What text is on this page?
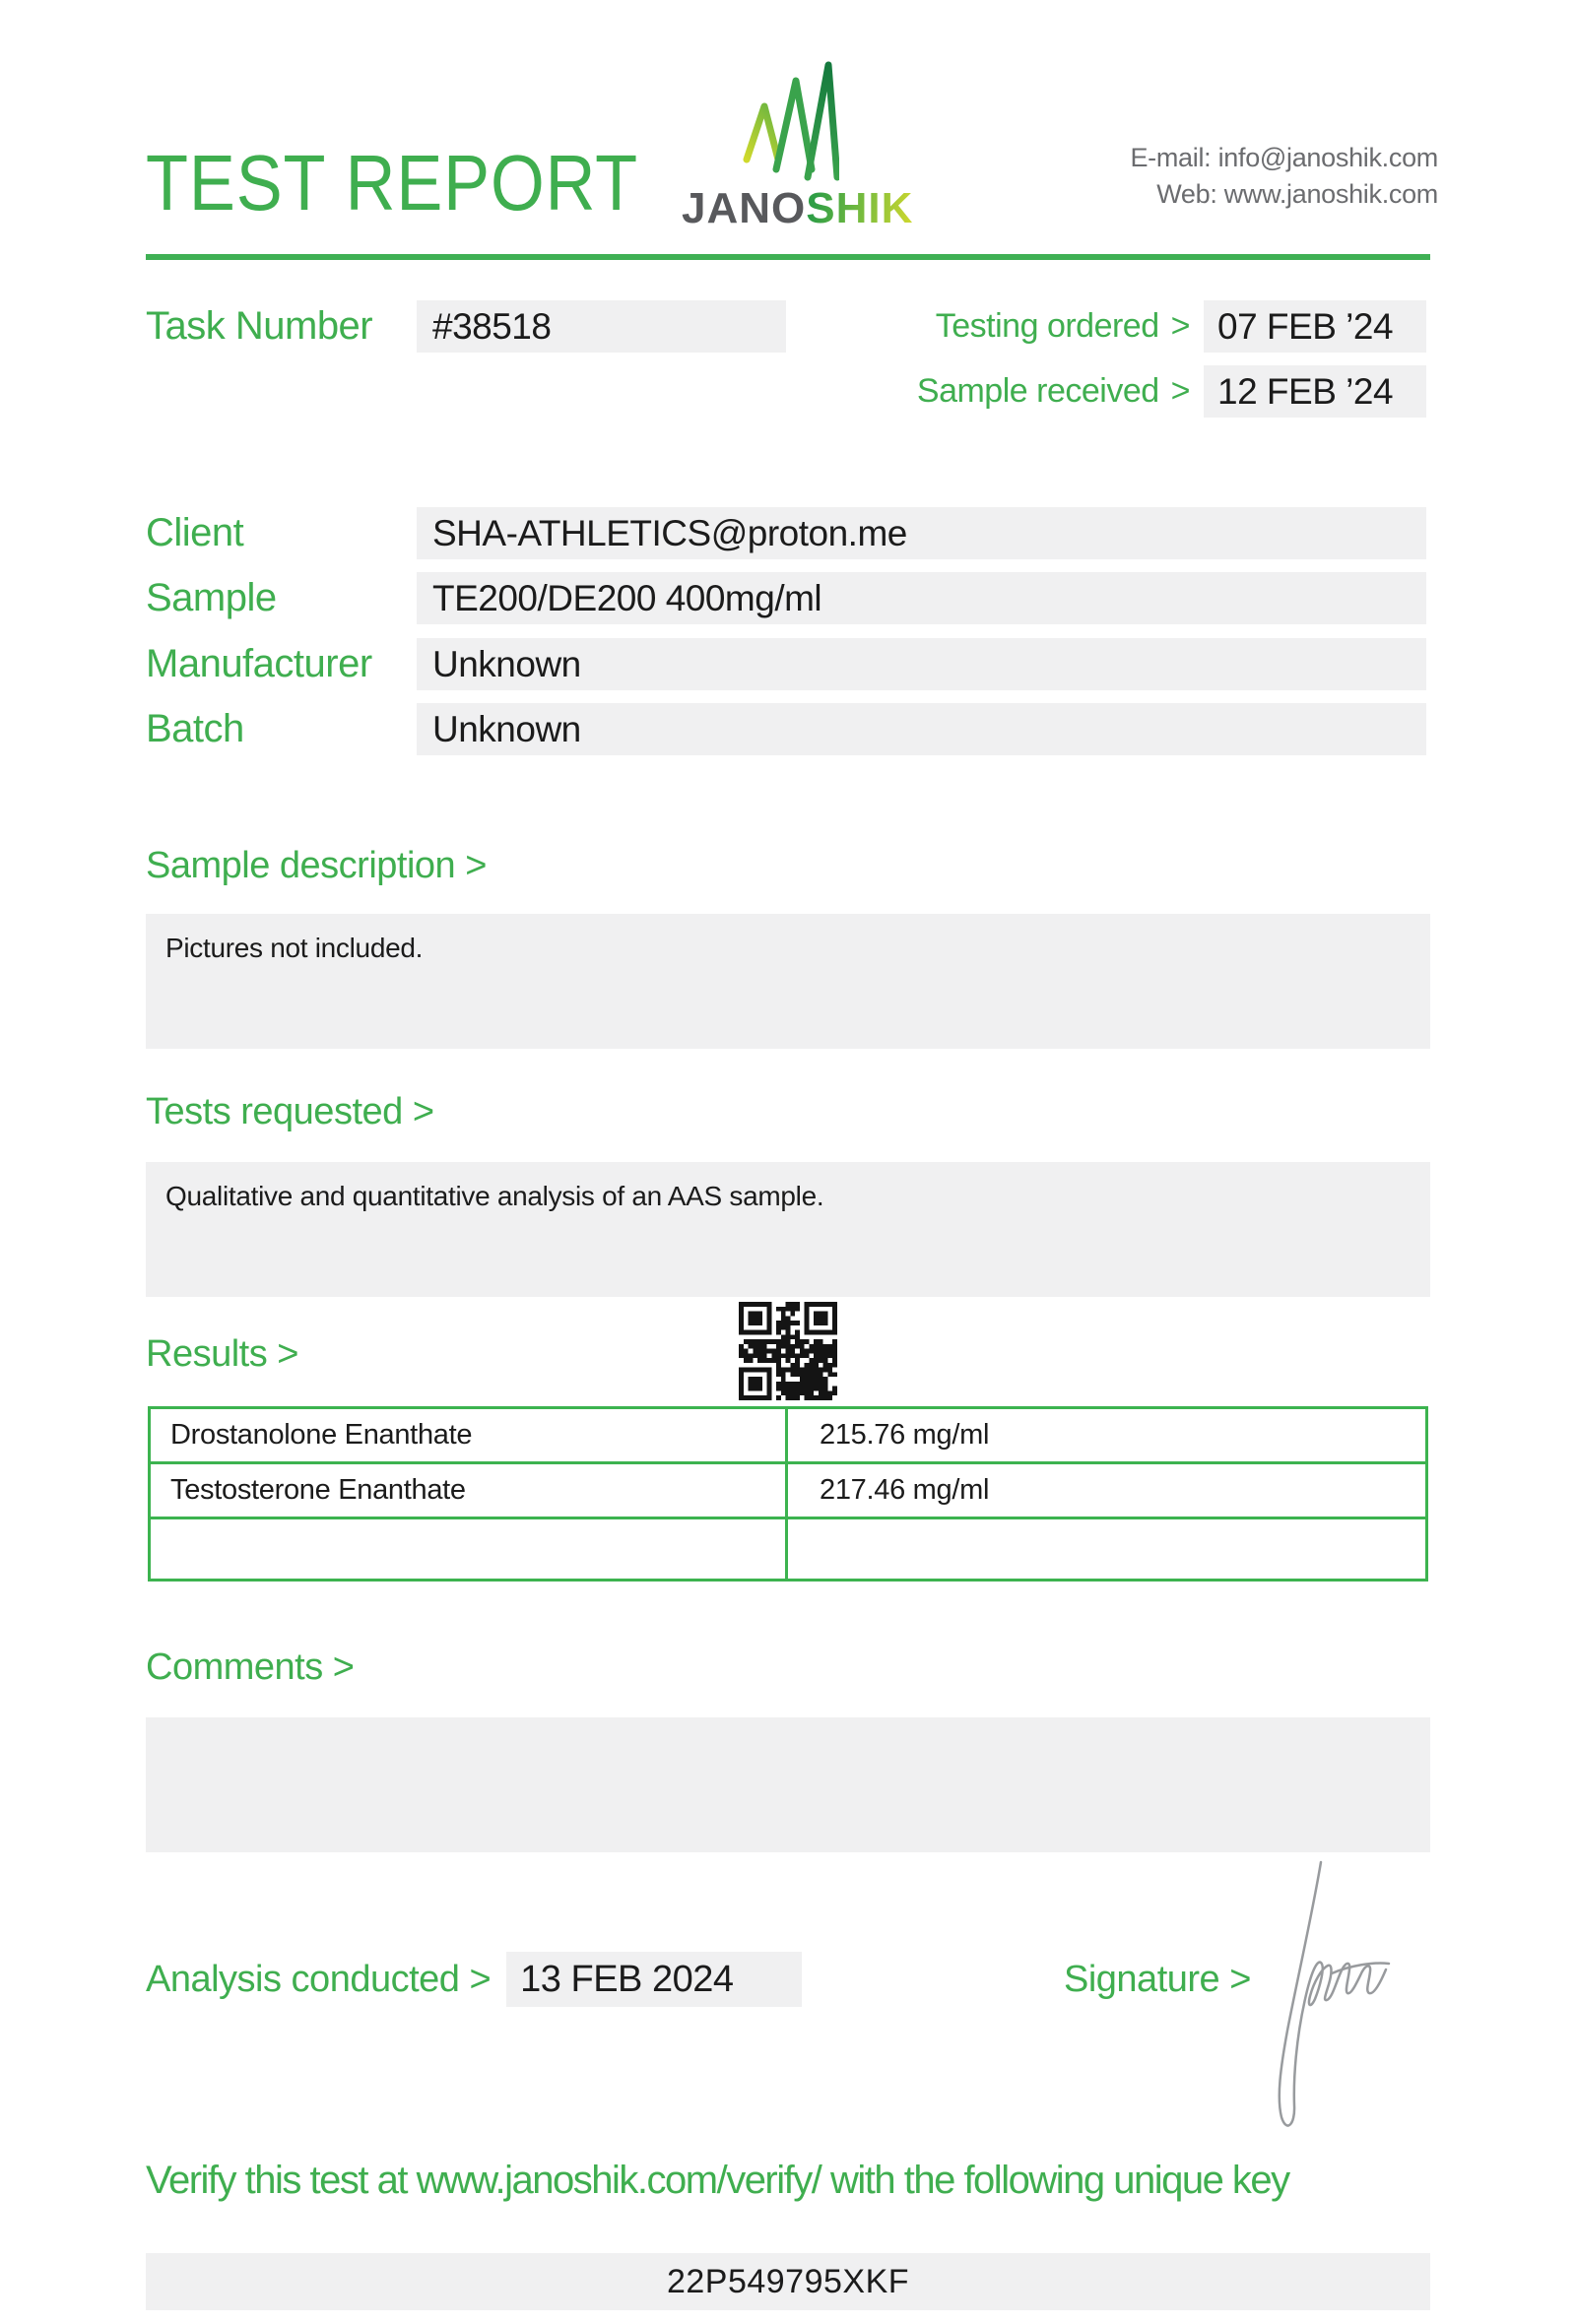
TEST REPORT JANOSHIK
E-mail: info@janoshik.com
Web: www.janoshik.com
Task Number	#38518	Testing ordered > 07 FEB ’24
Sample received > 12 FEB ’24
Client	SHA-ATHLETICS@proton.me
Sample	TE200/DE200 400mg/ml
Manufacturer	Unknown
Batch	Unknown
Sample description >
Pictures not included.
Tests requested >
Qualitative and quantitative analysis of an AAS sample.
Results >
Drostanolone Enanthate	215.76 mg/ml
Testosterone Enanthate	217.46 mg/ml
Comments >
Analysis conducted > 13 FEB 2024	Signature >
Verify this test at www.janoshik.com/verify/ with the following unique key
22P549795XKF
